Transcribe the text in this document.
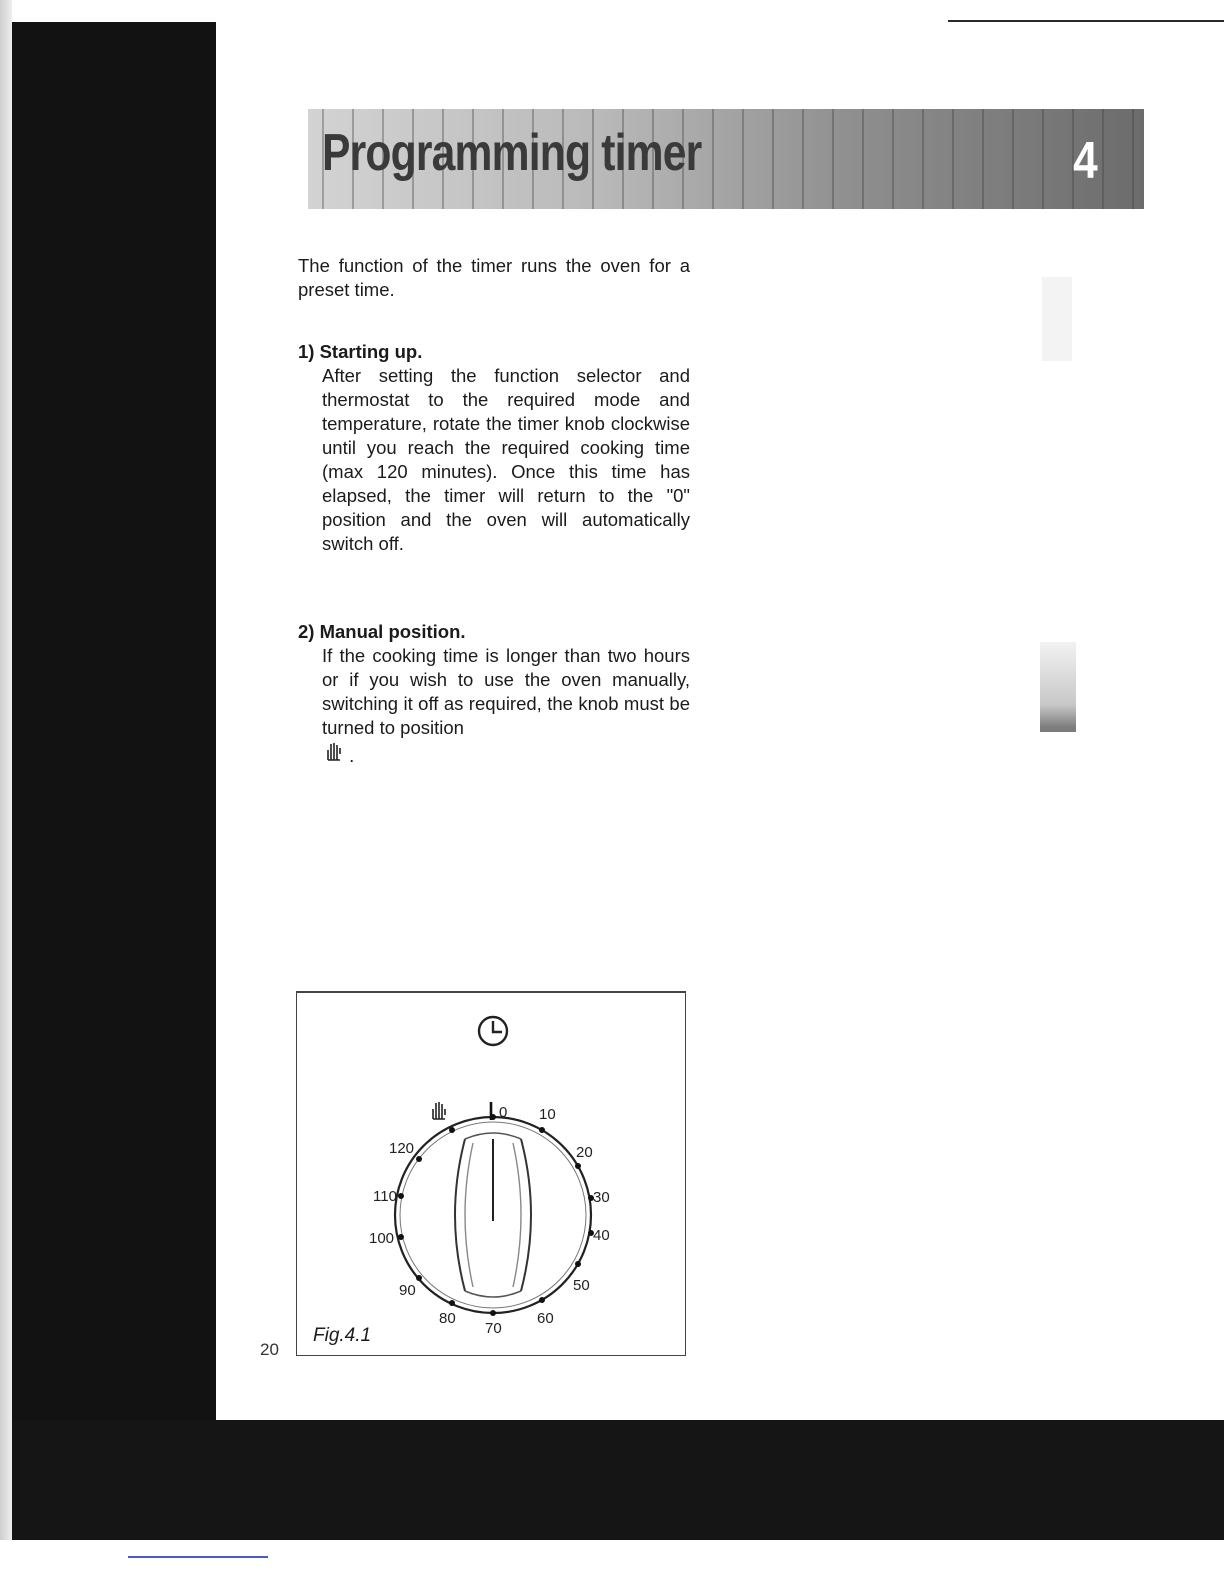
Programming timer	4
The function of the timer runs the oven for a preset time.
1) Starting up.
After setting the function selector and thermostat to the required mode and temperature, rotate the timer knob clockwise until you reach the required cooking time (max 120 minutes). Once this time has elapsed, the timer will return to the "0" position and the oven will automatically switch off.
2) Manual position.
If the cooking time is longer than two hours or if you wish to use the oven manually, switching it off as required, the knob must be turned to position
.
20
0 10
20
30
40
50
60
70
80
90
100
110
120
Fig.4.1
